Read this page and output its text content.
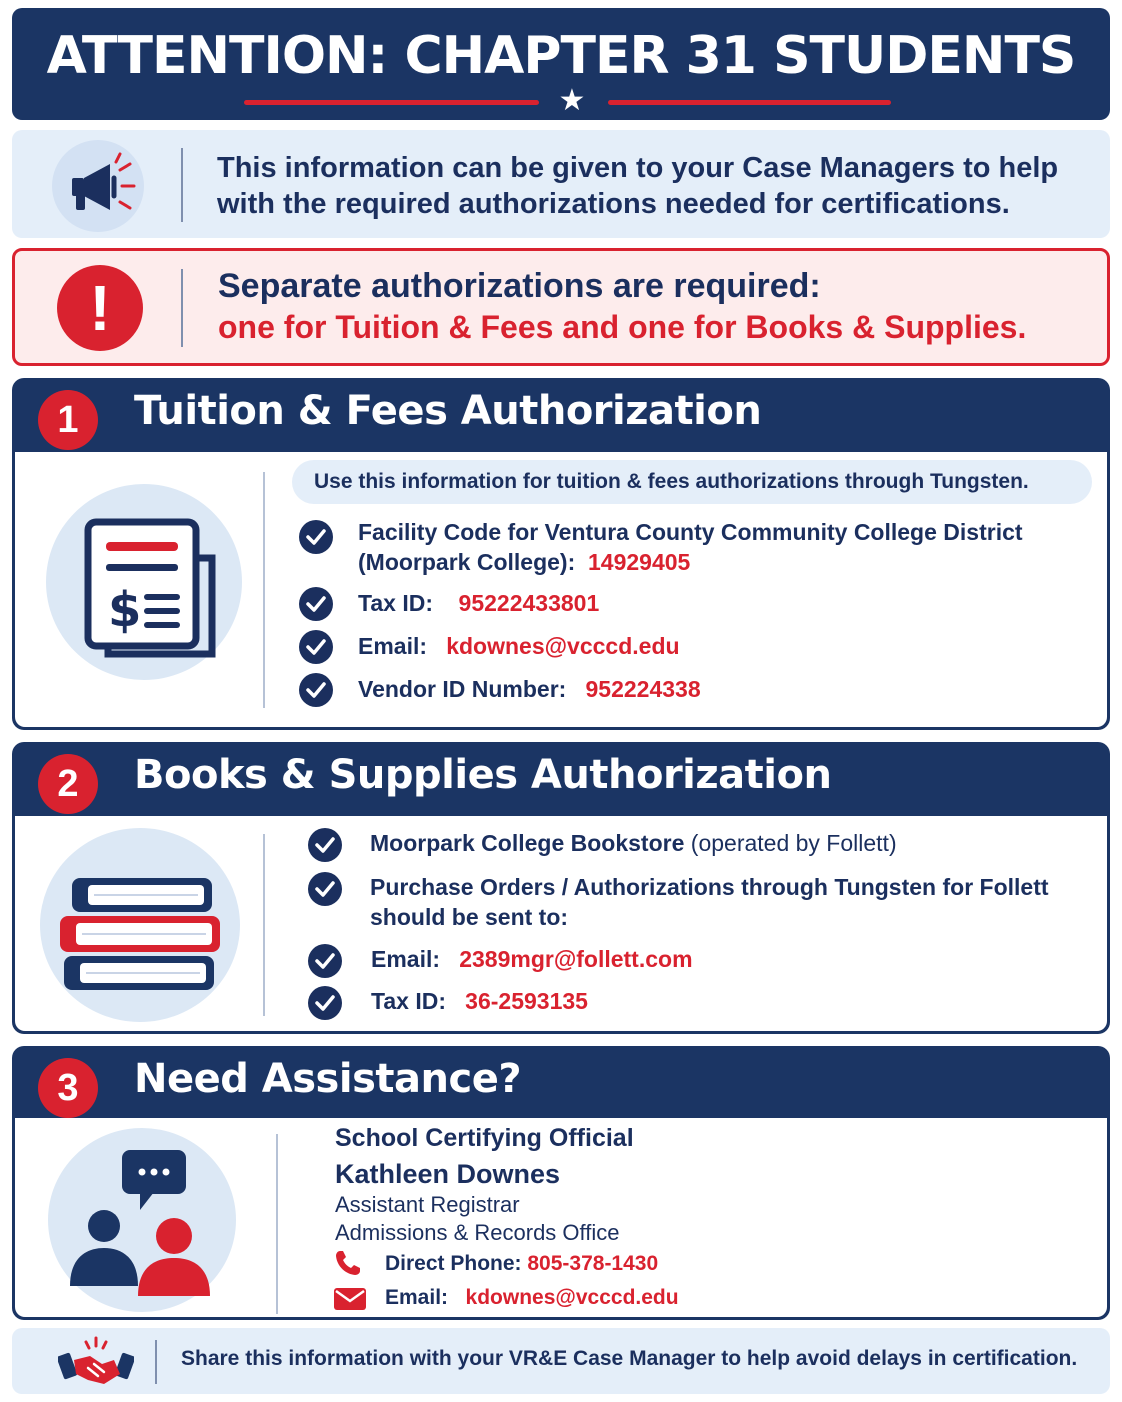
ATTENTION: CHAPTER 31 STUDENTS
★
This information can be given to your Case Managers to help
with the required authorizations needed for certifications.
!	Separate authorizations are required:
one for Tuition & Fees and one for Books & Supplies.
1	Tuition & Fees Authorization
$
Use this information for tuition & fees authorizations through Tungsten.
Facility Code for Ventura County Community College District
(Moorpark College): 14929405
Tax ID: 95222433801
Email: kdownes@vcccd.edu
Vendor ID Number: 952224338
2	Books & Supplies Authorization
Moorpark College Bookstore (operated by Follett)
Purchase Orders / Authorizations through Tungsten for Follett
should be sent to:
Email: 2389mgr@follett.com
Tax ID: 36-2593135
3	Need Assistance?
School Certifying Official
Kathleen Downes
Assistant Registrar
Admissions & Records Office
Direct Phone: 805-378-1430
Email: kdownes@vcccd.edu
Share this information with your VR&E Case Manager to help avoid delays in certification.
